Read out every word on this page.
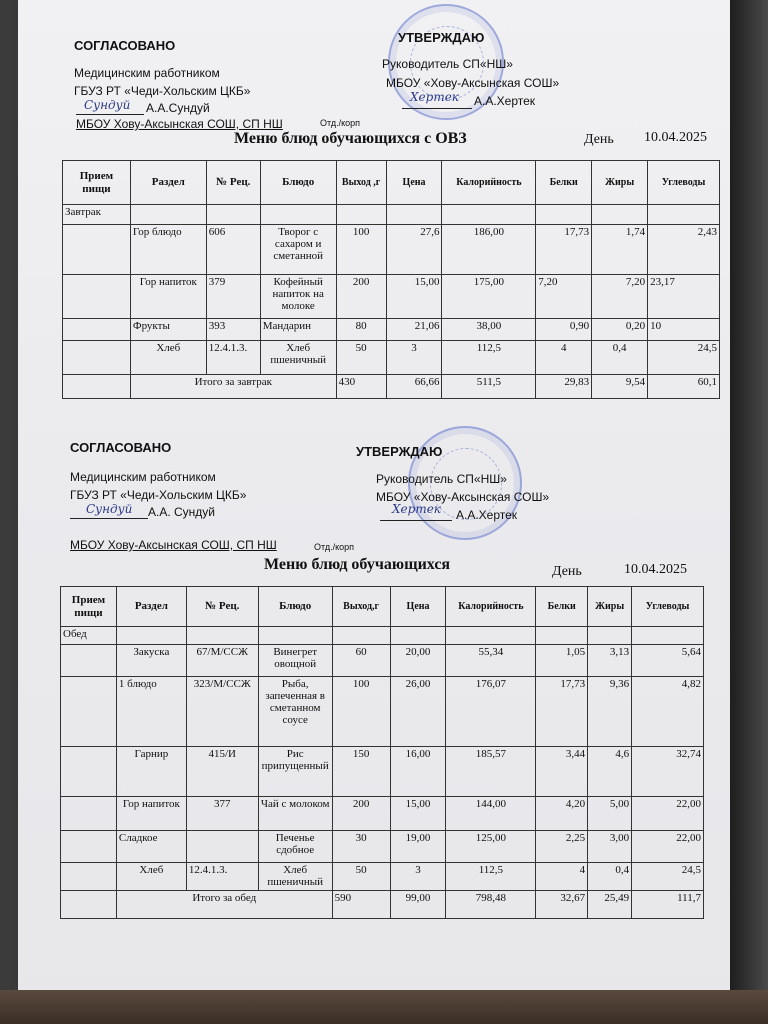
СОГЛАСОВАНО
Медицинским работником
ГБУЗ РТ «Чеди-Хольским ЦКБ»
Сундуй А.А.Сундуй
МБОУ Хову-Аксынская СОШ, СП НШ	Отд./корп
УТВЕРЖДАЮ
Руководитель СП«НШ»
МБОУ «Хову-Аксынская СОШ»
Хертек А.А.Хертек
Меню блюд обучающихся с ОВЗ	День 10.04.2025
Прием пищи	Раздел	№ Рец.	Блюдо	Выход ,г	Цена	Калорийность	Белки	Жиры	Углеводы
Завтрак									
	Гор блюдо	606	Творог с сахаром и сметанной	100	27,6	186,00	17,73	1,74	2,43
	Гор напиток	379	Кофейный напиток на молоке	200	15,00	175,00	7,20	7,20	23,17
	Фрукты	393	Мандарин	80	21,06	38,00	0,90	0,20	10
	Хлеб	12.4.1.3.	Хлеб пшеничный	50	3	112,5	4	0,4	24,5
	Итого за завтрак			430	66,66	511,5	29,83	9,54	60,1
СОГЛАСОВАНО
Медицинским работником
ГБУЗ РТ «Чеди-Хольским ЦКБ»
Сундуй А.А. Сундуй
МБОУ Хову-Аксынская СОШ, СП НШ	Отд./корп
УТВЕРЖДАЮ
Руководитель СП«НШ»
МБОУ «Хову-Аксынская СОШ»
Хертек А.А.Хертек
Меню блюд обучающихся	День	10.04.2025
Прием пищи	Раздел	№ Рец.	Блюдо	Выход,г	Цена	Калорийность	Белки	Жиры	Углеводы
Обед									
	Закуска	67/М/ССЖ	Винегрет овощной	60	20,00	55,34	1,05	3,13	5,64
	1 блюдо	323/М/ССЖ	Рыба, запеченная в сметанном соусе	100	26,00	176,07	17,73	9,36	4,82
	Гарнир	415/И	Рис припущенный	150	16,00	185,57	3,44	4,6	32,74
	Гор напиток	377	Чай с молоком	200	15,00	144,00	4,20	5,00	22,00
	Сладкое		Печенье сдобное	30	19,00	125,00	2,25	3,00	22,00
	Хлеб	12.4.1.3.	Хлеб пшеничный	50	3	112,5	4	0,4	24,5
	Итого за обед			590	99,00	798,48	32,67	25,49	111,7
